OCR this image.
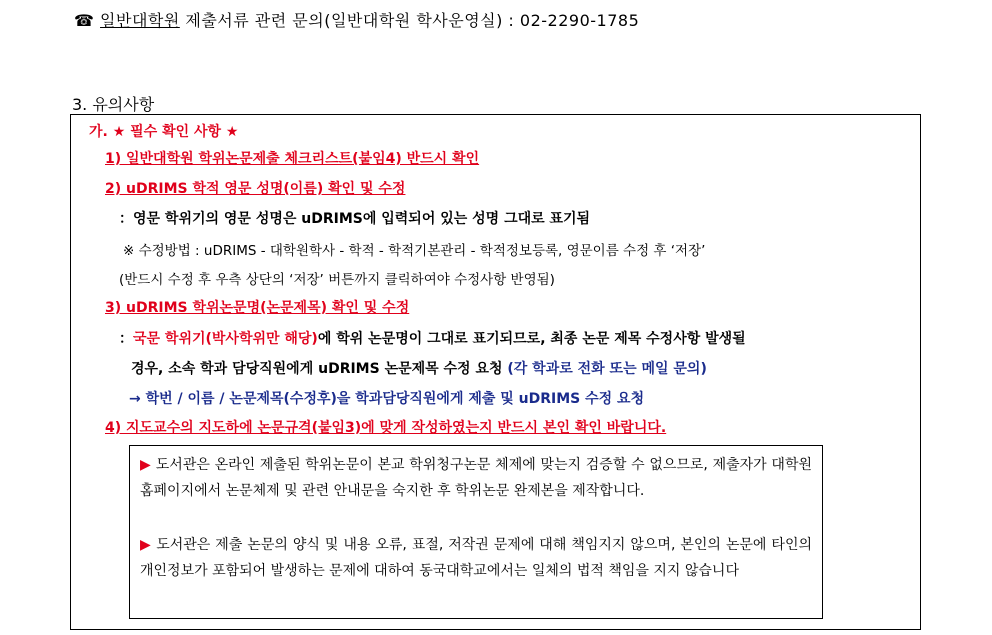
☎ 일반대학원 제출서류 관련 문의(일반대학원 학사운영실) : 02-2290-1785
3. 유의사항
가. ★ 필수 확인 사항 ★
1) 일반대학원 학위논문제출 체크리스트(붙임4) 반드시 확인
2) uDRIMS 학적 영문 성명(이름) 확인 및 수정
：영문 학위기의 영문 성명은 uDRIMS에 입력되어 있는 성명 그대로 표기됨
※ 수정방법 : uDRIMS - 대학원학사 - 학적 - 학적기본관리 - 학적정보등록, 영문이름 수정 후 ‘저장’
(반드시 수정 후 우측 상단의 ‘저장’ 버튼까지 클릭하여야 수정사항 반영됨)
3) uDRIMS 학위논문명(논문제목) 확인 및 수정
：국문 학위기(박사학위만 해당)에 학위 논문명이 그대로 표기되므로, 최종 논문 제목 수정사항 발생될
경우, 소속 학과 담당직원에게 uDRIMS 논문제목 수정 요청 (각 학과로 전화 또는 메일 문의)
→ 학번 / 이름 / 논문제목(수정후)을 학과담당직원에게 제출 및 uDRIMS 수정 요청
4) 지도교수의 지도하에 논문규격(붙임3)에 맞게 작성하였는지 반드시 본인 확인 바랍니다.
▶ 도서관은 온라인 제출된 학위논문이 본교 학위청구논문 체제에 맞는지 검증할 수 없으므로, 제출자가 대학원 홈페이지에서 논문체제 및 관련 안내문을 숙지한 후 학위논문 완제본을 제작합니다.
▶ 도서관은 제출 논문의 양식 및 내용 오류, 표절, 저작권 문제에 대해 책임지지 않으며, 본인의 논문에 타인의 개인정보가 포함되어 발생하는 문제에 대하여 동국대학교에서는 일체의 법적 책임을 지지 않습니다
